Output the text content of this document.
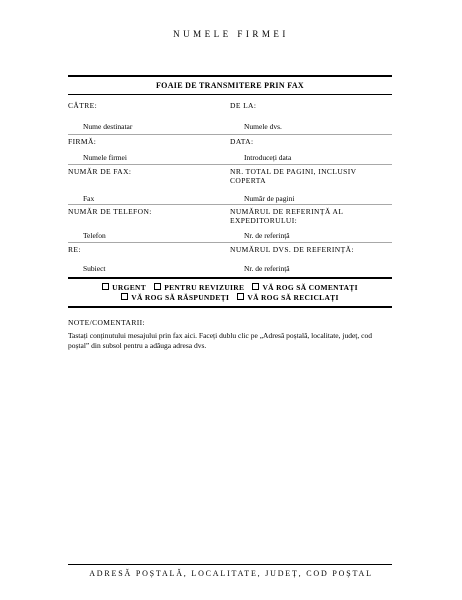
NUMELE FIRMEI
FOAIE DE TRANSMITERE PRIN FAX
CĂTRE:	DE LA:
Nume destinatar	Numele dvs.
FIRMĂ:	DATA:
Numele firmei	Introduceți data
NUMĂR DE FAX:	NR. TOTAL DE PAGINI, INCLUSIV COPERTA
Fax	Număr de pagini
NUMĂR DE TELEFON:	NUMĂRUL DE REFERINȚĂ AL EXPEDITORULUI:
Telefon	Nr. de referință
RE:	NUMĂRUL DVS. DE REFERINȚĂ:
Subiect	Nr. de referință
URGENT PENTRU REVIZUIRE VĂ ROG SĂ COMENTAȚI
VĂ ROG SĂ RĂSPUNDEȚI VĂ ROG SĂ RECICLAȚI
NOTE/COMENTARII:
Tastați conținutului mesajului prin fax aici. Faceți dublu clic pe „Adresă poștală, localitate, județ, cod poștal” din subsol pentru a adăuga adresa dvs.
ADRESĂ POȘTALĂ, LOCALITATE, JUDEȚ, COD POȘTAL
